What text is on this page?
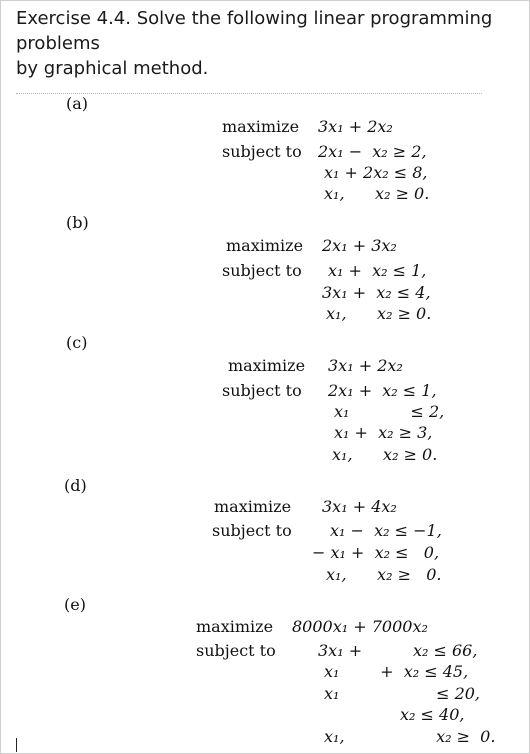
Exercise 4.4. Solve the following linear programming
problems
by graphical method.
(a)
maximize 3x₁ + 2x₂
subject to 2x₁ −  x₂ ≥ 2,
x₁ + 2x₂ ≤ 8,
x₁,      x₂ ≥ 0.
(b)
maximize 2x₁ + 3x₂
subject to x₁ +  x₂ ≤ 1,
3x₁ +  x₂ ≤ 4,
x₁,      x₂ ≥ 0.
(c)
maximize 3x₁ + 2x₂
subject to 2x₁ +  x₂ ≤ 1,
x₁            ≤ 2,
x₁ +  x₂ ≥ 3,
x₁,      x₂ ≥ 0.
(d)
maximize 3x₁ + 4x₂
subject to x₁ −  x₂ ≤ −1,
− x₁ +  x₂ ≤   0,
x₁,      x₂ ≥   0.
(e)
maximize 8000x₁ + 7000x₂
subject to	3x₁ +          x₂ ≤ 66,
x₁        +  x₂ ≤ 45,
x₁                   ≤ 20,
x₂ ≤ 40,
x₁,                  x₂ ≥  0.
